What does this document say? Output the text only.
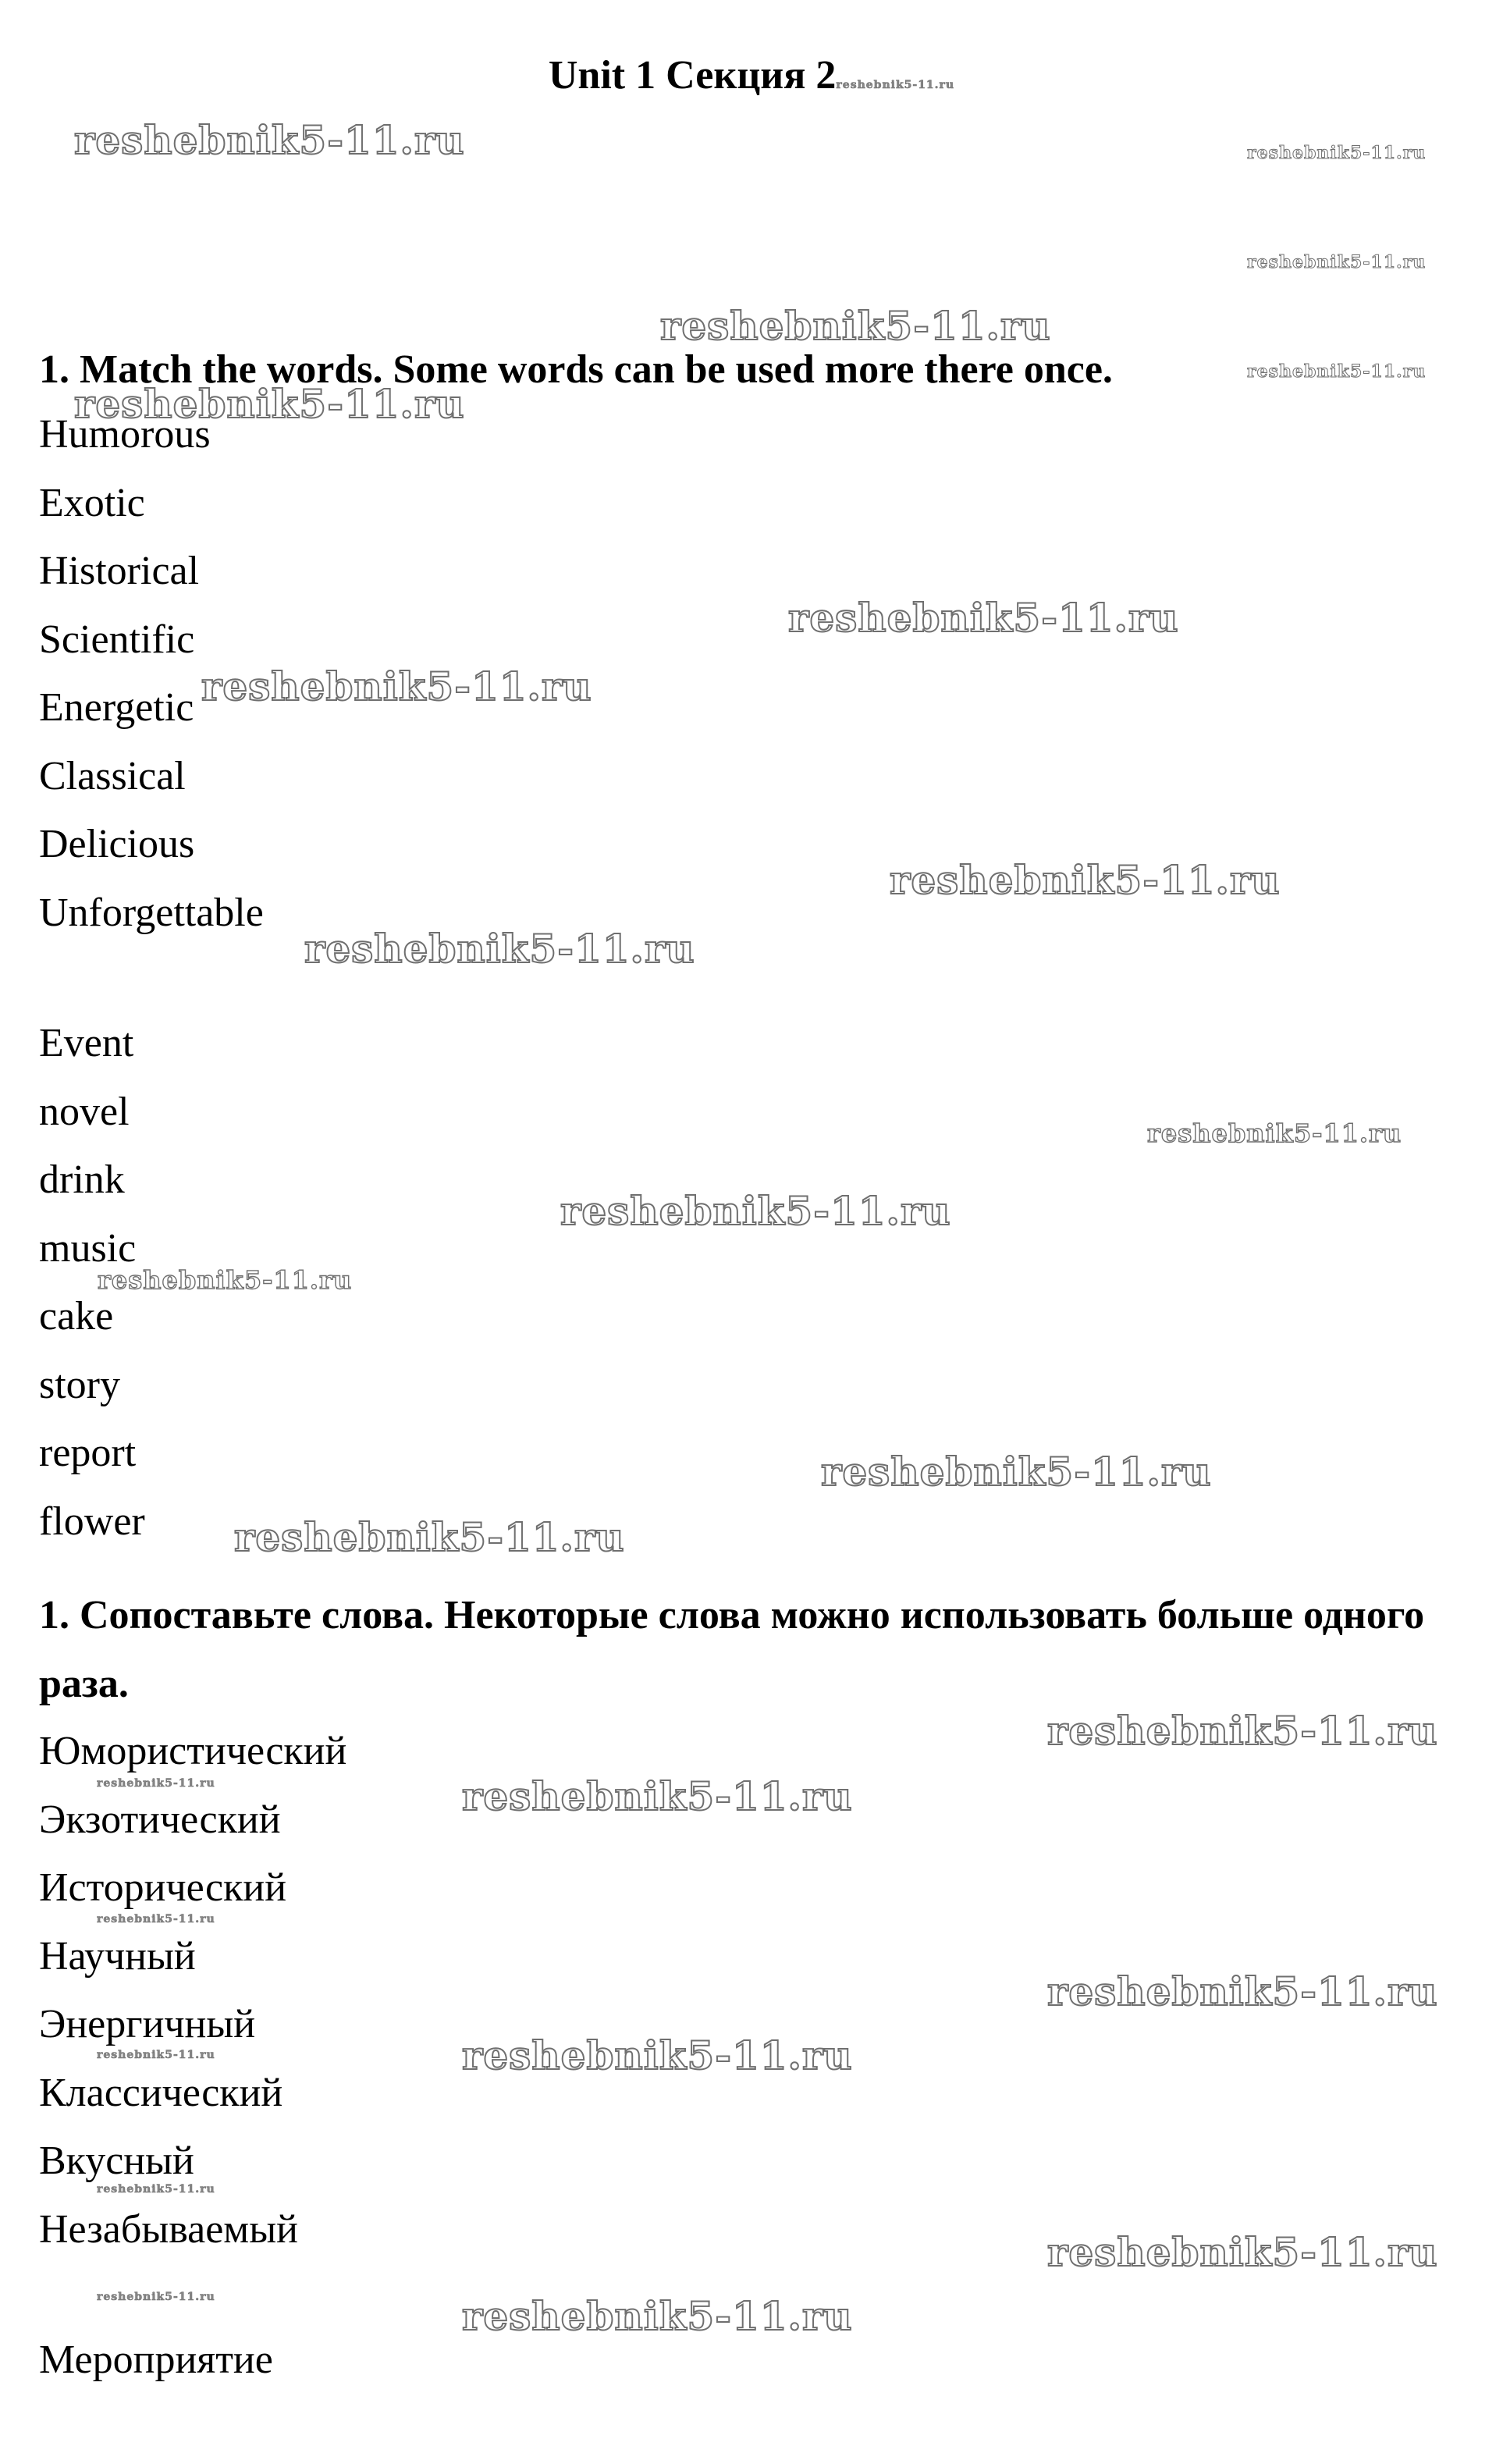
Unit 1 Секция 2reshebnik5-11.ru
1. Match the words. Some words can be used more there once.
Humorous
Exotic
Historical
Scientific
Energetic
Classical
Delicious
Unforgettable
Event
novel
drink
music
cake
story
report
flower
1. Сопоставьте слова. Некоторые слова можно использовать больше одного раза.
Юмористический
Экзотический
Исторический
Научный
Энергичный
Классический
Вкусный
Незабываемый
Мероприятие
reshebnik5-11.ru	reshebnik5-11.ru
reshebnik5-11.ru
reshebnik5-11.ru
reshebnik5-11.ru
reshebnik5-11.ru
reshebnik5-11.ru
reshebnik5-11.ru
reshebnik5-11.ru
reshebnik5-11.ru
reshebnik5-11.ru
reshebnik5-11.ru
reshebnik5-11.ru
reshebnik5-11.ru
reshebnik5-11.ru
reshebnik5-11.ru
reshebnik5-11.ru	reshebnik5-11.ru
reshebnik5-11.ru
reshebnik5-11.ru
reshebnik5-11.ru	reshebnik5-11.ru
reshebnik5-11.ru
reshebnik5-11.ru
reshebnik5-11.ru	reshebnik5-11.ru
